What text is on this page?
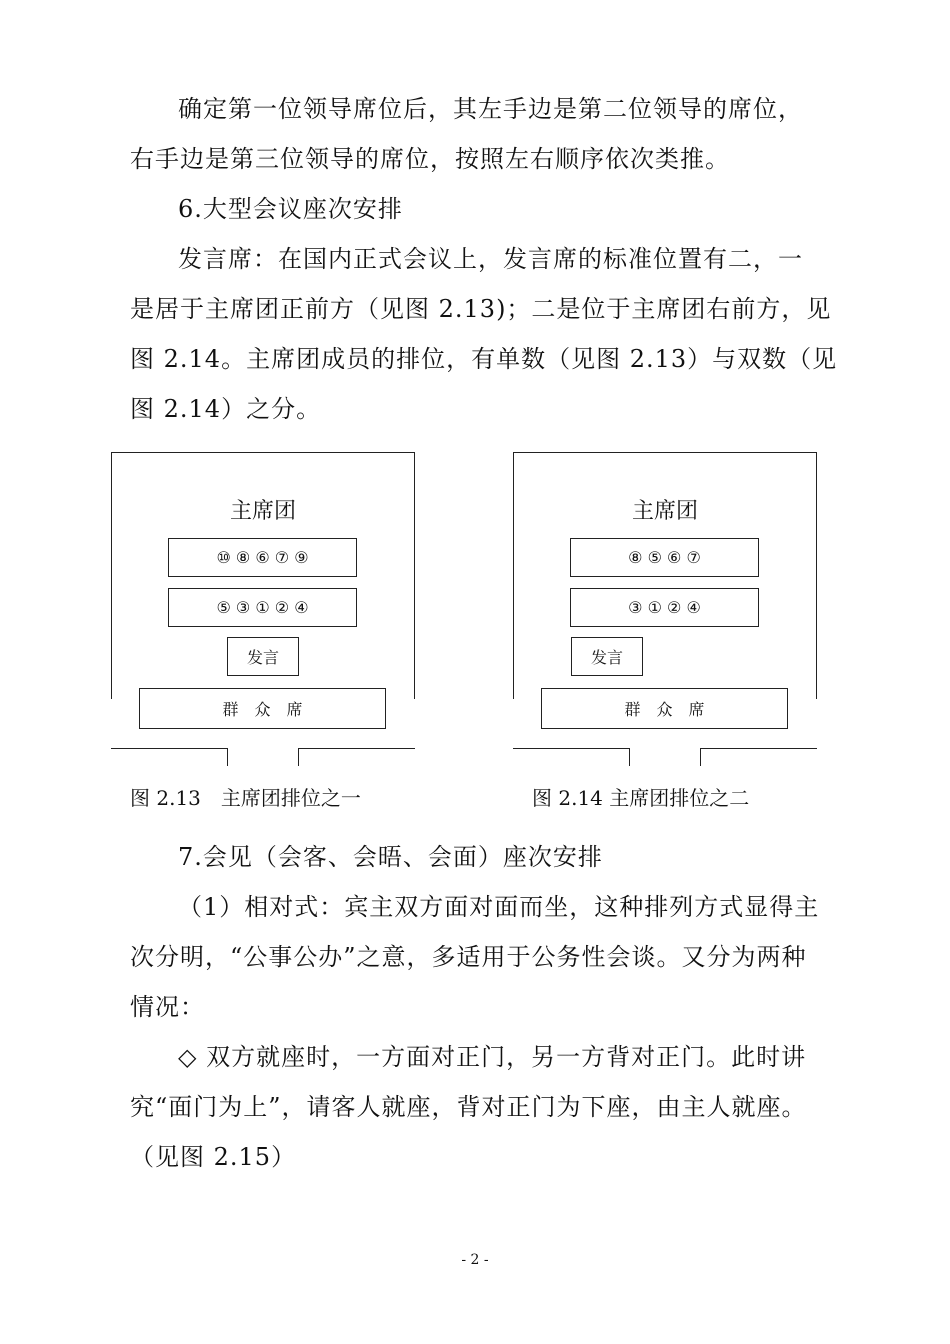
确定第一位领导席位后，其左手边是第二位领导的席位，
右手边是第三位领导的席位，按照左右顺序依次类推。
6.大型会议座次安排
发言席：在国内正式会议上，发言席的标准位置有二，一
是居于主席团正前方（见图 2.13)；二是位于主席团右前方，见
图 2.14。主席团成员的排位，有单数（见图 2.13）与双数（见
图 2.14）之分。
主席团
⑩ ⑧ ⑥ ⑦ ⑨
⑤ ③ ① ② ④
发言
群　众　席
图 2.13　主席团排位之一
主席团
⑧ ⑤ ⑥ ⑦
③ ① ② ④
发言
群　众　席
图 2.14 主席团排位之二
7.会见（会客、会晤、会面）座次安排
（1）相对式：宾主双方面对面而坐，这种排列方式显得主
次分明，“公事公办”之意，多适用于公务性会谈。又分为两种
情况：
◇ 双方就座时，一方面对正门，另一方背对正门。此时讲
究“面门为上”，请客人就座，背对正门为下座，由主人就座。
（见图 2.15）
- 2 -
